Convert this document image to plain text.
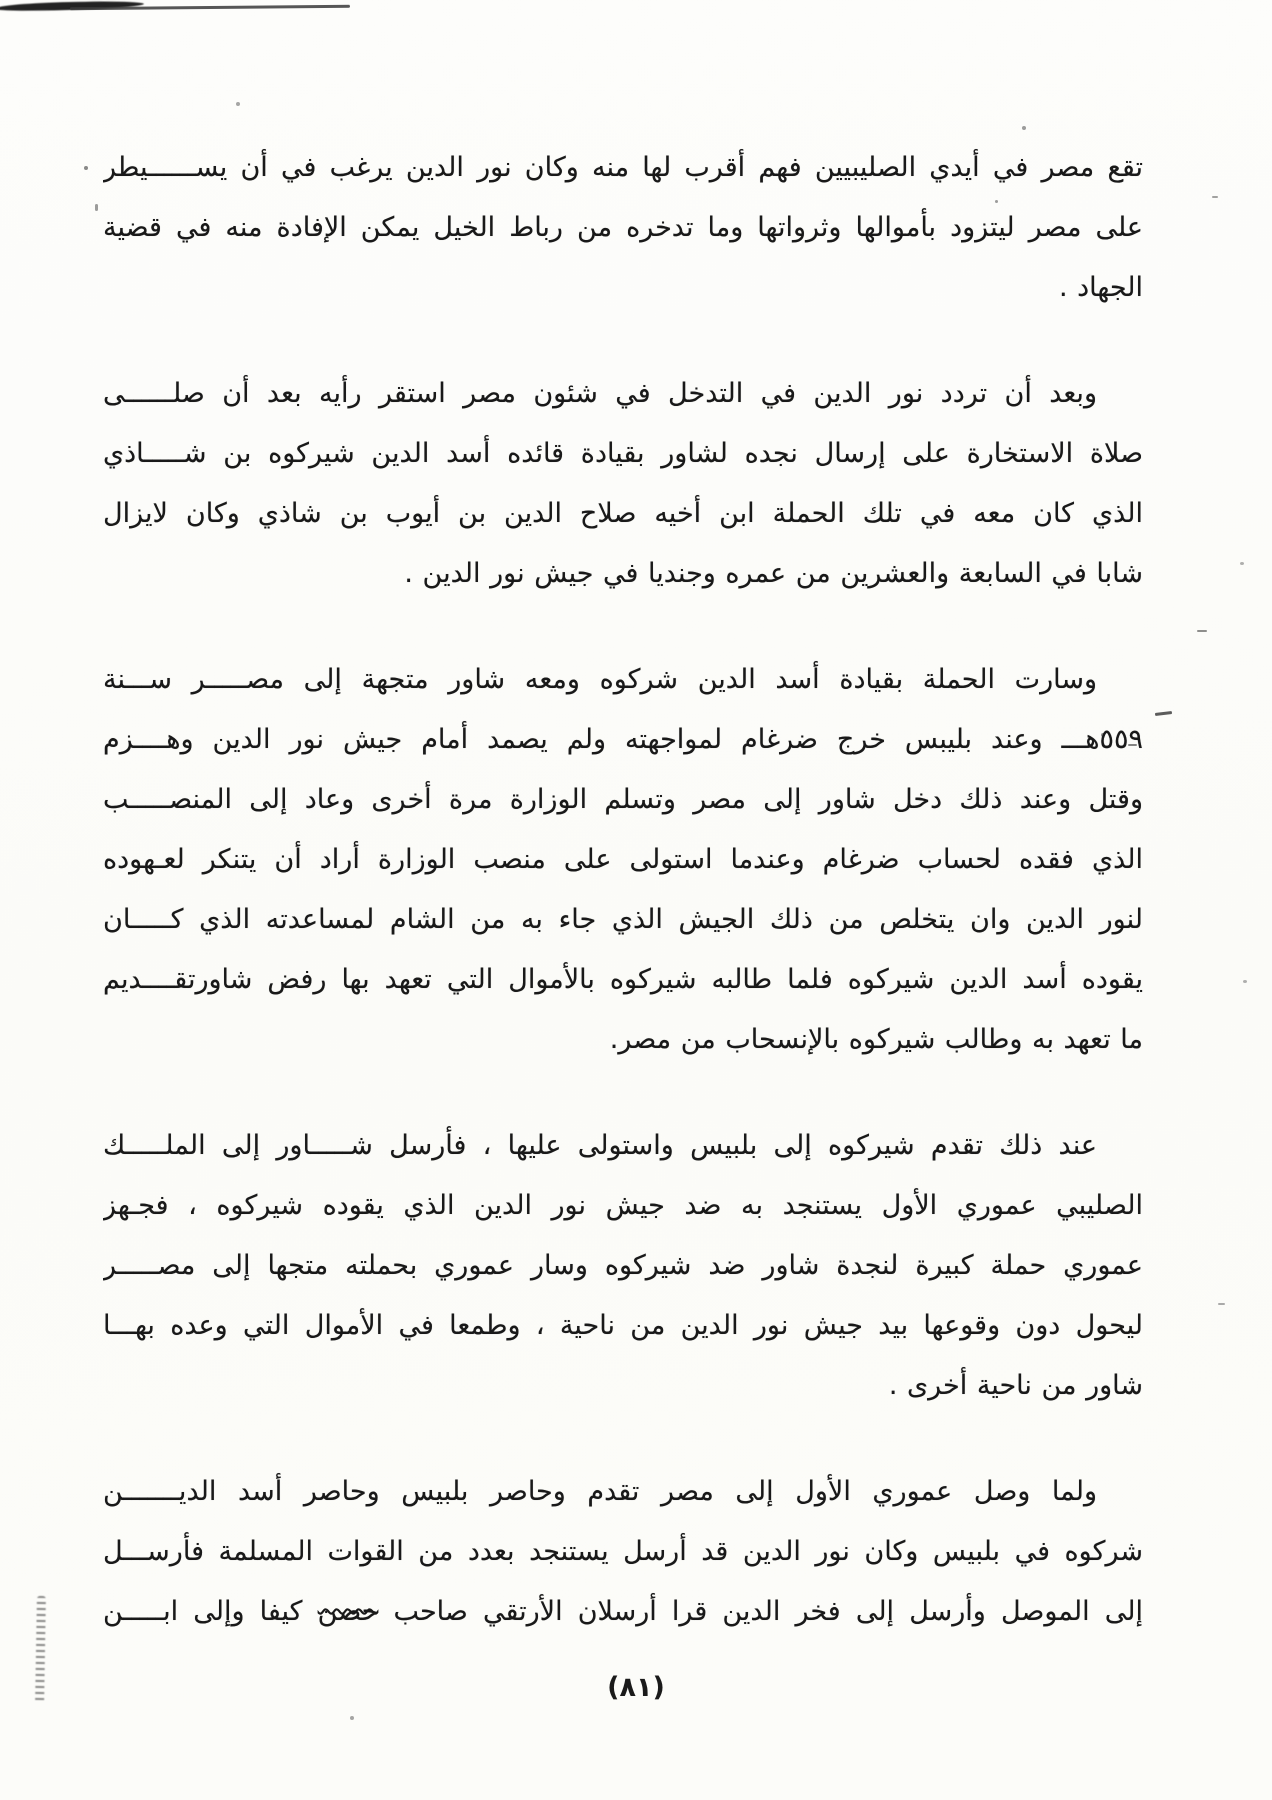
تقع مصر في أيدي الصليبيين فهم أقرب لها منه وكان نور الدين يرغب في أن يســــــيطر
على مصر ليتزود بأموالها وثرواتها وما تدخره من رباط الخيل يمكن الإفادة منه في قضية
الجهاد .
وبعد أن تردد نور الدين في التدخل في شئون مصر استقر رأيه بعد أن صلــــــى
صلاة الاستخارة على إرسال نجده لشاور بقيادة قائده أسد الدين شيركوه بن شـــــاذي
الذي كان معه في تلك الحملة ابن أخيه صلاح الدين بن أيوب بن شاذي وكان لايزال
شابا في السابعة والعشرين من عمره وجنديا في جيش نور الدين .
وسارت الحملة بقيادة أسد الدين شركوه ومعه شاور متجهة إلى مصـــــر ســـنة
٥٥٩هـــ وعند بليبس خرج ضرغام لمواجهته ولم يصمد أمام جيش نور الدين وهــــزم
وقتل وعند ذلك دخل شاور إلى مصر وتسلم الوزارة مرة أخرى وعاد إلى المنصـــــب
الذي فقده لحساب ضرغام وعندما استولى على منصب الوزارة أراد أن يتنكر لعـهوده
لنور الدين وان يتخلص من ذلك الجيش الذي جاء به من الشام لمساعدته الذي كـــــان
يقوده أسد الدين شيركوه فلما طالبه شيركوه بالأموال التي تعهد بها رفض شاورتقــــديم
ما تعهد به وطالب شيركوه بالإنسحاب من مصر.
عند ذلك تقدم شيركوه إلى بلبيس واستولى عليها ، فأرسل شـــــاور إلى الملـــــك
الصليبي عموري الأول يستنجد به ضد جيش نور الدين الذي يقوده شيركوه ، فجـهز
عموري حملة كبيرة لنجدة شاور ضد شيركوه وسار عموري بحملته متجها إلى مصـــــر
ليحول دون وقوعها بيد جيش نور الدين من ناحية ، وطمعا في الأموال التي وعده بهـــا
شاور من ناحية أخرى .
ولما وصل عموري الأول إلى مصر تقدم وحاصر بلبيس وحاصر أسد الديـــــــن
شركوه في بلبيس وكان نور الدين قد أرسل يستنجد بعدد من القوات المسلمة فأرســـل
إلى الموصل وأرسل إلى فخر الدين قرا أرسلان الأرتقي صاحب حصن كيفا وإلى ابـــــن
(٨١)
